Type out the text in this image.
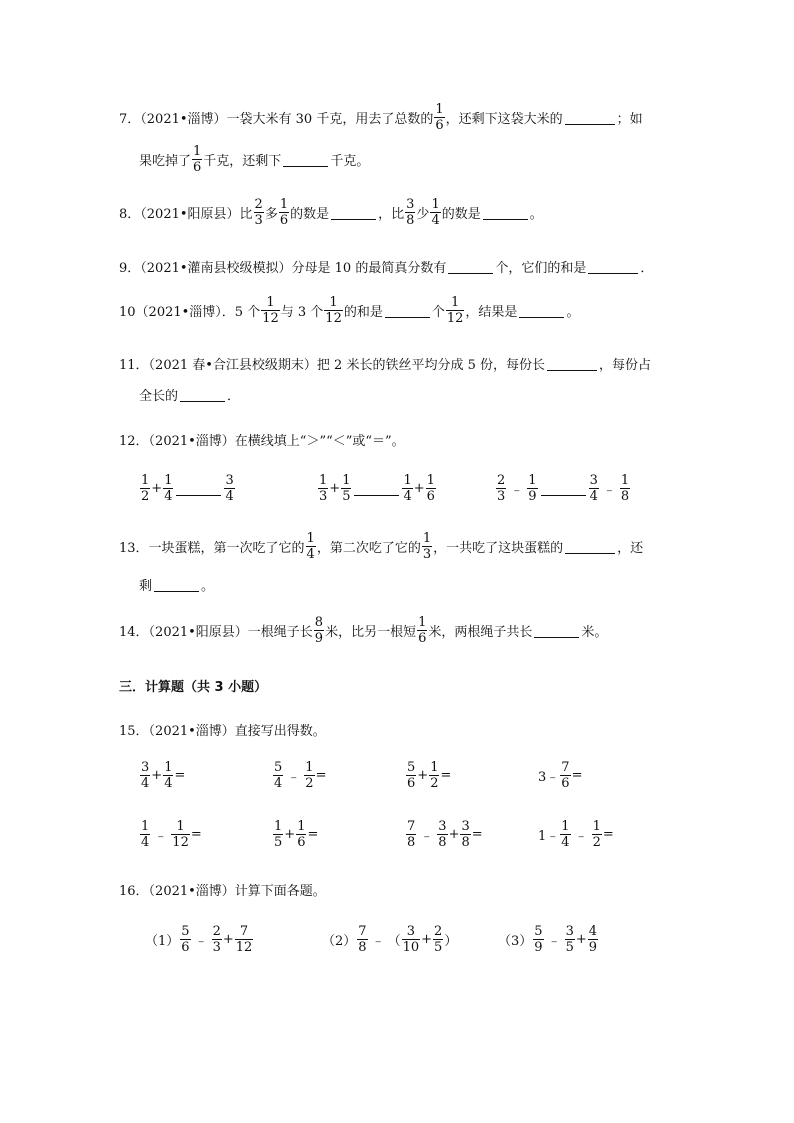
7．（2021•淄博）一袋大米有 30 千克，用去了总数的 $\frac{1}{6}$ ，还剩下这袋大米的	；如
果吃掉了 $\frac{1}{6}$ 千克，还剩下	千克。
8．（2021•阳原县）比 $\frac{2}{3}$ 多 $\frac{1}{6}$ 的数是	，比 $\frac{3}{8}$ 少 $\frac{1}{4}$ 的数是	。
9．（2021•灌南县校级模拟）分母是 10 的最简真分数有	个，它们的和是	．
10（2021•淄博）．5 个 $\frac{1}{12}$ 与 3 个 $\frac{1}{12}$ 的和是	个 $\frac{1}{12}$ ，结果是	。
11．（2021 春•合江县校级期末）把 2 米长的铁丝平均分成 5 份，每份长	，每份占
全长的	．
12．（2021•淄博）在横线填上“＞”“＜”或“＝”。
$\frac{1}{2} + \frac{1}{4}$	$\frac{3}{4}$	$\frac{1}{3} + \frac{1}{5}$	$\frac{1}{4} + \frac{1}{6}$	$\frac{2}{3}$ ﹣ $\frac{1}{9}$	$\frac{3}{4}$ ﹣ $\frac{1}{8}$
13．一块蛋糕，第一次吃了它的 $\frac{1}{4}$ ，第二次吃了它的 $\frac{1}{3}$ ，一共吃了这块蛋糕的	，还
剩	。
14．（2021•阳原县）一根绳子长 $\frac{8}{9}$ 米，比另一根短 $\frac{1}{6}$ 米，两根绳子共长	米。
三．计算题（共 3 小题）
15．（2021•淄博）直接写出得数。
$\frac{3}{4} + \frac{1}{4}$ =	$\frac{5}{4}$ ﹣ $\frac{1}{2}$ =	$\frac{5}{6} + \frac{1}{2}$ =	3﹣ $\frac{7}{6}$ =
$\frac{1}{4}$ ﹣ $\frac{1}{12}$ =	$\frac{1}{5} + \frac{1}{6}$ =	$\frac{7}{8}$ ﹣ $\frac{3}{8} + \frac{3}{8}$ =	1﹣ $\frac{1}{4}$ ﹣ $\frac{1}{2}$ =
16．（2021•淄博）计算下面各题。
$(1) \frac{5}{6}$ ﹣ $\frac{2}{3} + \frac{7}{12}$	$(2) \frac{7}{8}$ ﹣ （ $\frac{3}{10} + \frac{2}{5}$ ）	$(3) \frac{5}{9}$ ﹣ $\frac{3}{5} + \frac{4}{9}$
